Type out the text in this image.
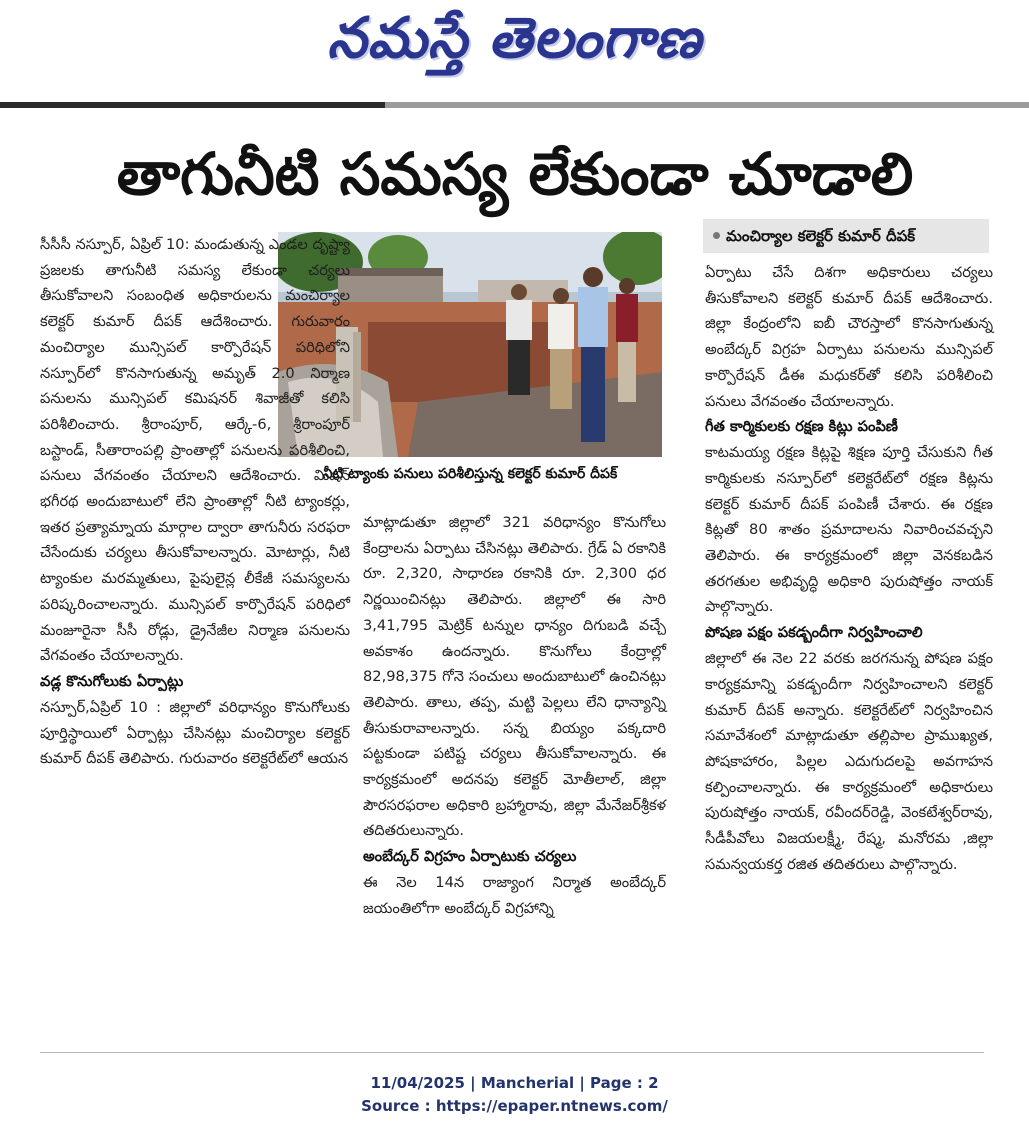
నమస్తే తెలంగాణ
తాగునీటి సమస్య లేకుండా చూడాలి
మంచిర్యాల కలెక్టర్ కుమార్ దీపక్
నీటి ట్యాంకు పనులు పరిశీలిస్తున్న కలెక్టర్ కుమార్ దీపక్

సీసీసీ నస్పూర్, ఏప్రిల్ 10: మండుతున్న ఎండల దృష్ట్యా ప్రజలకు తాగునీటి సమస్య లేకుండా చర్యలు తీసుకోవాలని సంబంధిత అధికారులను మంచిర్యాల కలెక్టర్ కుమార్ దీపక్ ఆదేశించారు. గురువారం మంచిర్యాల మున్సిపల్ కార్పొరేషన్ పరిధిలోని నస్పూర్‌లో కొనసాగుతున్న అమృత్ 2.0 నిర్మాణ పనులను మున్సిపల్ కమిషనర్ శివాజీతో కలిసి పరిశీలించారు. శ్రీరాంపూర్, ఆర్కే-6, శ్రీరాంపూర్ బస్టాండ్, సీతారాంపల్లి ప్రాంతాల్లో పనులను పరిశీలించి, పనులు వేగవంతం చేయాలని ఆదేశించారు. మిషన్ భగీరథ అందుబాటులో లేని ప్రాంతాల్లో నీటి ట్యాంకర్లు, ఇతర ప్రత్యామ్నాయ మార్గాల ద్వారా తాగునీరు సరఫరా చేసేందుకు చర్యలు తీసుకోవాలన్నారు. మోటార్లు, నీటి ట్యాంకుల మరమ్మతులు, పైపులైన్ల లీకేజీ సమస్యలను పరిష్కరించాలన్నారు. మున్సిపల్ కార్పొరేషన్ పరిధిలో మంజూరైనా సీసీ రోడ్లు, డ్రైనేజీల నిర్మాణ పనులను వేగవంతం చేయాలన్నారు.

వడ్ల కొనుగోలుకు ఏర్పాట్లు

నస్పూర్,ఏప్రిల్ 10 : జిల్లాలో వరిధాన్యం కొనుగోలుకు పూర్తిస్థాయిలో ఏర్పాట్లు చేసినట్లు మంచిర్యాల కలెక్టర్ కుమార్ దీపక్ తెలిపారు. గురువారం కలెక్టరేట్‌లో ఆయన

మాట్లాడుతూ జిల్లాలో 321 వరిధాన్యం కొనుగోలు కేంద్రాలను ఏర్పాటు చేసినట్లు తెలిపారు. గ్రేడ్ ఏ రకానికి రూ. 2,320, సాధారణ రకానికి రూ. 2,300 ధర నిర్ణయించినట్లు తెలిపారు. జిల్లాలో ఈ సారి 3,41,795 మెట్రిక్ టన్నుల ధాన్యం దిగుబడి వచ్చే అవకాశం ఉందన్నారు. కొనుగోలు కేంద్రాల్లో 82,98,375 గోనె సంచులు అందుబాటులో ఉంచినట్లు తెలిపారు. తాలు, తప్ప, మట్టి పెల్లలు లేని ధాన్యాన్ని తీసుకురావాలన్నారు. సన్న బియ్యం పక్కదారి పట్టకుండా పటిష్ట చర్యలు తీసుకోవాలన్నారు. ఈ కార్యక్రమంలో అదనపు కలెక్టర్ మోతీలాల్, జిల్లా పౌరసరఫరాల అధికారి బ్రహ్మారావు, జిల్లా మేనేజర్‌శ్రీకళ తదితరులున్నారు.

అంబేద్కర్ విగ్రహం ఏర్పాటుకు చర్యలు

ఈ నెల 14న రాజ్యాంగ నిర్మాత అంబేద్కర్ జయంతిలోగా అంబేద్కర్ విగ్రహాన్ని

ఏర్పాటు చేసే దిశగా అధికారులు చర్యలు తీసుకోవాలని కలెక్టర్ కుమార్ దీపక్ ఆదేశించారు. జిల్లా కేంద్రంలోని ఐబీ చౌరస్తాలో కొనసాగుతున్న అంబేద్కర్ విగ్రహ ఏర్పాటు పనులను మున్సిపల్ కార్పొరేషన్ డీఈ మధుకర్‌తో కలిసి పరిశీలించి పనులు వేగవంతం చేయాలన్నారు.

గీత కార్మికులకు రక్షణ కిట్లు పంపిణీ

కాటమయ్య రక్షణ కిట్లపై శిక్షణ పూర్తి చేసుకుని గీత కార్మికులకు నస్పూర్‌లో కలెక్టరేట్‌లో రక్షణ కిట్లను కలెక్టర్ కుమార్ దీపక్ పంపిణీ చేశారు. ఈ రక్షణ కిట్లతో 80 శాతం ప్రమాదాలను నివారించవచ్చని తెలిపారు. ఈ కార్యక్రమంలో జిల్లా వెనకబడిన తరగతుల అభివృద్ధి అధికారి పురుషోత్తం నాయక్ పాల్గొన్నారు.

పోషణ పక్షం పకడ్బందీగా నిర్వహించాలి

జిల్లాలో ఈ నెల 22 వరకు జరగనున్న పోషణ పక్షం కార్యక్రమాన్ని పకడ్బందీగా నిర్వహించాలని కలెక్టర్ కుమార్ దీపక్ అన్నారు. కలెక్టరేట్‌లో నిర్వహించిన సమావేశంలో మాట్లాడుతూ తల్లిపాల ప్రాముఖ్యత, పోషకాహారం, పిల్లల ఎదుగుదలపై అవగాహన కల్పించాలన్నారు. ఈ కార్యక్రమంలో అధికారులు పురుషోత్తం నాయక్, రవీందర్‌రెడ్డి, వెంకటేశ్వర్‌రావు, సీడీపీవోలు విజయలక్ష్మీ, రేష్మ, మనోరమ ,జిల్లా సమన్వయకర్త రజిత తదితరులు పాల్గొన్నారు.

11/04/2025 | Mancherial | Page : 2
Source : https://epaper.ntnews.com/
